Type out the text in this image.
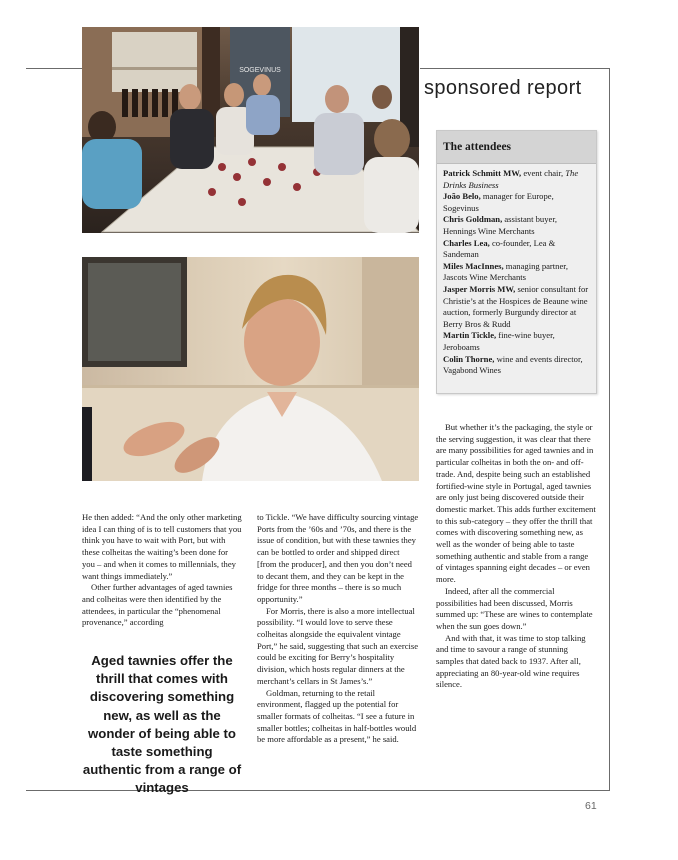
sponsored report
SOGEVINUS
The attendees

Patrick Schmitt MW, event chair, The Drinks Business

João Belo, manager for Europe, Sogevinus

Chris Goldman, assistant buyer, Hennings Wine Merchants

Charles Lea, co-founder, Lea & Sandeman

Miles MacInnes, managing partner, Jascots Wine Merchants

Jasper Morris MW, senior consultant for Christie’s at the Hospices de Beaune wine auction, formerly Burgundy director at Berry Bros & Rudd

Martin Tickle, fine-wine buyer, Jeroboams

Colin Thorne, wine and events director, Vagabond Wines

He then added: “And the only other marketing idea I can thing of is to tell customers that you think you have to wait with Port, but with these colheitas the waiting’s been done for you – and when it comes to millennials, they want things immediately.”

Other further advantages of aged tawnies and colheitas were then identified by the attendees, in particular the “phenomenal provenance,” according

Aged tawnies offer the thrill that comes with discovering something new, as well as the wonder of being able to taste something authentic from a range of vintages

to Tickle. “We have difficulty sourcing vintage Ports from the ’60s and ’70s, and there is the issue of condition, but with these tawnies they can be bottled to order and shipped direct [from the producer], and then you don’t need to decant them, and they can be kept in the fridge for three months – there is so much opportunity.”

For Morris, there is also a more intellectual possibility. “I would love to serve these colheitas alongside the equivalent vintage Port,” he said, suggesting that such an exercise could be exciting for Berry’s hospitality division, which hosts regular dinners at the merchant’s cellars in St James’s.”

Goldman, returning to the retail environment, flagged up the potential for smaller formats of colheitas. “I see a future in smaller bottles; colheitas in half-bottles would be more affordable as a present,” he said.

But whether it’s the packaging, the style or the serving suggestion, it was clear that there are many possibilities for aged tawnies and in particular colheitas in both the on- and off-trade. And, despite being such an established fortified-wine style in Portugal, aged tawnies are only just being discovered outside their domestic market. This adds further excitement to this sub-category – they offer the thrill that comes with discovering something new, as well as the wonder of being able to taste something authentic and stable from a range of vintages spanning eight decades – or even more.

Indeed, after all the commercial possibilities had been discussed, Morris summed up: “These are wines to contemplate when the sun goes down.”

And with that, it was time to stop talking and time to savour a range of stunning samples that dated back to 1937. After all, appreciating an 80-year-old wine requires silence.

61
